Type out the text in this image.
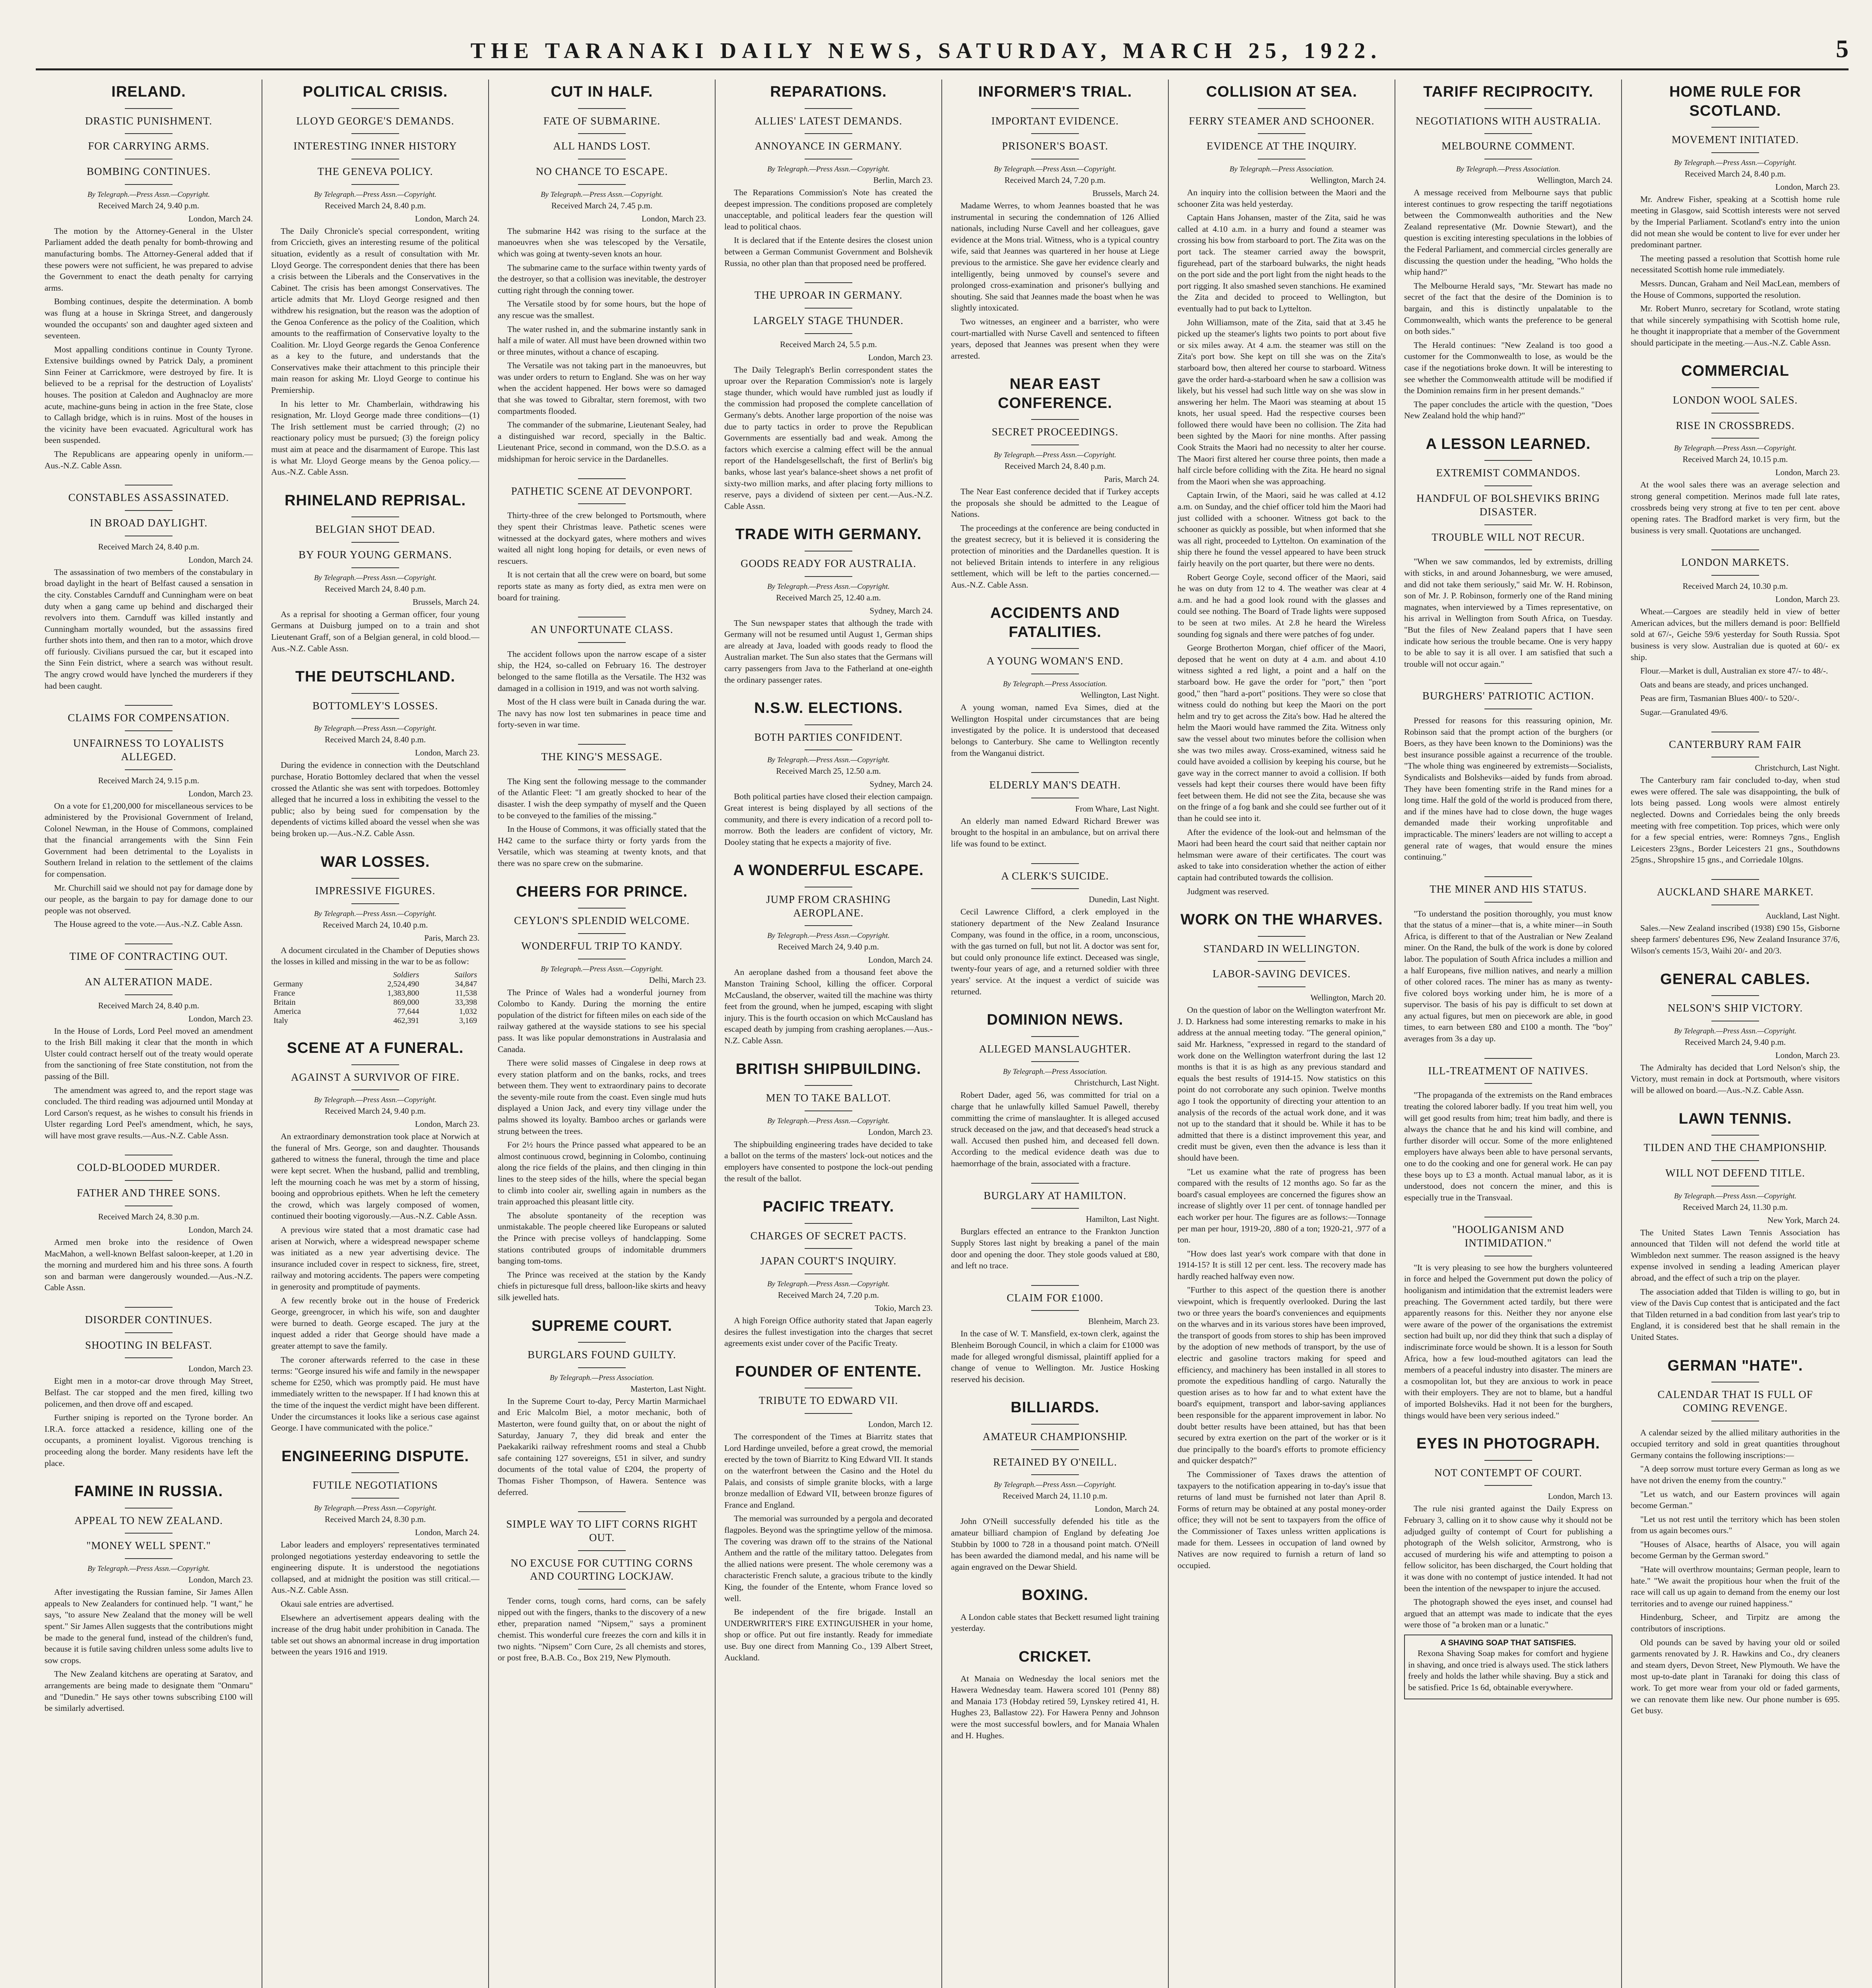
THE TARANAKI DAILY NEWS, SATURDAY, MARCH 25, 1922.	5
IRELAND.
DRASTIC PUNISHMENT.
FOR CARRYING ARMS.
BOMBING CONTINUES.
By Telegraph.—Press Assn.—Copyright.
Received March 24, 9.40 p.m.
London, March 24.

The motion by the Attorney-General in the Ulster Parliament added the death penalty for bomb-throwing and manufacturing bombs. The Attorney-General added that if these powers were not sufficient, he was prepared to advise the Government to enact the death penalty for carrying arms.

Bombing continues, despite the determination. A bomb was flung at a house in Skringa Street, and dangerously wounded the occupants' son and daughter aged sixteen and seventeen.

Most appalling conditions continue in County Tyrone. Extensive buildings owned by Patrick Daly, a prominent Sinn Feiner at Carrickmore, were destroyed by fire. It is believed to be a reprisal for the destruction of Loyalists' houses. The position at Caledon and Aughnacloy are more acute, machine-guns being in action in the free State, close to Callagh bridge, which is in ruins. Most of the houses in the vicinity have been evacuated. Agricultural work has been suspended.

The Republicans are appearing openly in uniform.—Aus.-N.Z. Cable Assn.

CONSTABLES ASSASSINATED.
IN BROAD DAYLIGHT.
Received March 24, 8.40 p.m.
London, March 24.

The assassination of two members of the constabulary in broad daylight in the heart of Belfast caused a sensation in the city. Constables Carnduff and Cunningham were on beat duty when a gang came up behind and discharged their revolvers into them. Carnduff was killed instantly and Cunningham mortally wounded, but the assassins fired further shots into them, and then ran to a motor, which drove off furiously. Civilians pursued the car, but it escaped into the Sinn Fein district, where a search was without result. The angry crowd would have lynched the murderers if they had been caught.

CLAIMS FOR COMPENSATION.
UNFAIRNESS TO LOYALISTS ALLEGED.
Received March 24, 9.15 p.m.
London, March 23.

On a vote for £1,200,000 for miscellaneous services to be administered by the Provisional Government of Ireland, Colonel Newman, in the House of Commons, complained that the financial arrangements with the Sinn Fein Government had been detrimental to the Loyalists in Southern Ireland in relation to the settlement of the claims for compensation.

Mr. Churchill said we should not pay for damage done by our people, as the bargain to pay for damage done to our people was not observed.

The House agreed to the vote.—Aus.-N.Z. Cable Assn.

TIME OF CONTRACTING OUT.
AN ALTERATION MADE.
Received March 24, 8.40 p.m.
London, March 23.

In the House of Lords, Lord Peel moved an amendment to the Irish Bill making it clear that the month in which Ulster could contract herself out of the treaty would operate from the sanctioning of free State constitution, not from the passing of the Bill.

The amendment was agreed to, and the report stage was concluded. The third reading was adjourned until Monday at Lord Carson's request, as he wishes to consult his friends in Ulster regarding Lord Peel's amendment, which, he says, will have most grave results.—Aus.-N.Z. Cable Assn.

COLD-BLOODED MURDER.
FATHER AND THREE SONS.
Received March 24, 8.30 p.m.
London, March 24.

Armed men broke into the residence of Owen MacMahon, a well-known Belfast saloon-keeper, at 1.20 in the morning and murdered him and his three sons. A fourth son and barman were dangerously wounded.—Aus.-N.Z. Cable Assn.

DISORDER CONTINUES.
SHOOTING IN BELFAST.
London, March 23.

Eight men in a motor-car drove through May Street, Belfast. The car stopped and the men fired, killing two policemen, and then drove off and escaped.

Further sniping is reported on the Tyrone border. An I.R.A. force attacked a residence, killing one of the occupants, a prominent loyalist. Vigorous trenching is proceeding along the border. Many residents have left the place.

FAMINE IN RUSSIA.
APPEAL TO NEW ZEALAND.
"MONEY WELL SPENT."
By Telegraph.—Press Assn.—Copyright.
London, March 23.

After investigating the Russian famine, Sir James Allen appeals to New Zealanders for continued help. "I want," he says, "to assure New Zealand that the money will be well spent." Sir James Allen suggests that the contributions might be made to the general fund, instead of the children's fund, because it is futile saving children unless some adults live to sow crops.

The New Zealand kitchens are operating at Saratov, and arrangements are being made to designate them "Onmaru" and "Dunedin." He says other towns subscribing £100 will be similarly advertised.

POLITICAL CRISIS.
LLOYD GEORGE'S DEMANDS.
INTERESTING INNER HISTORY
THE GENEVA POLICY.
By Telegraph.—Press Assn.—Copyright.
Received March 24, 8.40 p.m.
London, March 24.

The Daily Chronicle's special correspondent, writing from Criccieth, gives an interesting resume of the political situation, evidently as a result of consultation with Mr. Lloyd George. The correspondent denies that there has been a crisis between the Liberals and the Conservatives in the Cabinet. The crisis has been amongst Conservatives. The article admits that Mr. Lloyd George resigned and then withdrew his resignation, but the reason was the adoption of the Genoa Conference as the policy of the Coalition, which amounts to the reaffirmation of Conservative loyalty to the Coalition. Mr. Lloyd George regards the Genoa Conference as a key to the future, and understands that the Conservatives make their attachment to this principle their main reason for asking Mr. Lloyd George to continue his Premiership.

In his letter to Mr. Chamberlain, withdrawing his resignation, Mr. Lloyd George made three conditions—(1) The Irish settlement must be carried through; (2) no reactionary policy must be pursued; (3) the foreign policy must aim at peace and the disarmament of Europe. This last is what Mr. Lloyd George means by the Genoa policy.—Aus.-N.Z. Cable Assn.

RHINELAND REPRISAL.
BELGIAN SHOT DEAD.
BY FOUR YOUNG GERMANS.
By Telegraph.—Press Assn.—Copyright.
Received March 24, 8.40 p.m.
Brussels, March 24.

As a reprisal for shooting a German officer, four young Germans at Duisburg jumped on to a train and shot Lieutenant Graff, son of a Belgian general, in cold blood.—Aus.-N.Z. Cable Assn.

THE DEUTSCHLAND.
BOTTOMLEY'S LOSSES.
By Telegraph.—Press Assn.—Copyright.
Received March 24, 8.40 p.m.
London, March 23.

During the evidence in connection with the Deutschland purchase, Horatio Bottomley declared that when the vessel crossed the Atlantic she was sent with torpedoes. Bottomley alleged that he incurred a loss in exhibiting the vessel to the public; also by being sued for compensation by the dependents of victims killed aboard the vessel when she was being broken up.—Aus.-N.Z. Cable Assn.

WAR LOSSES.
IMPRESSIVE FIGURES.
By Telegraph.—Press Assn.—Copyright.
Received March 24, 10.40 p.m.
Paris, March 23.

A document circulated in the Chamber of Deputies shows the losses in killed and missing in the war to be as follow:

	Soldiers	Sailors
Germany	2,524,490	34,847
France	1,383,800	11,538
Britain	869,000	33,398
America	77,644	1,032
Italy	462,391	3,169
SCENE AT A FUNERAL.
AGAINST A SURVIVOR OF FIRE.
By Telegraph.—Press Assn.—Copyright.
Received March 24, 9.40 p.m.
London, March 23.

An extraordinary demonstration took place at Norwich at the funeral of Mrs. George, son and daughter. Thousands gathered to witness the funeral, through the time and place were kept secret. When the husband, pallid and trembling, left the mourning coach he was met by a storm of hissing, booing and opprobrious epithets. When he left the cemetery the crowd, which was largely composed of women, continued their booting vigorously.—Aus.-N.Z. Cable Assn.

A previous wire stated that a most dramatic case had arisen at Norwich, where a widespread newspaper scheme was initiated as a new year advertising device. The insurance included cover in respect to sickness, fire, street, railway and motoring accidents. The papers were competing in generosity and promptitude of payments.

A few recently broke out in the house of Frederick George, greengrocer, in which his wife, son and daughter were burned to death. George escaped. The jury at the inquest added a rider that George should have made a greater attempt to save the family.

The coroner afterwards referred to the case in these terms: "George insured his wife and family in the newspaper scheme for £250, which was promptly paid. He must have immediately written to the newspaper. If I had known this at the time of the inquest the verdict might have been different. Under the circumstances it looks like a serious case against George. I have communicated with the police."

ENGINEERING DISPUTE.
FUTILE NEGOTIATIONS
By Telegraph.—Press Assn.—Copyright.
Received March 24, 8.30 p.m.
London, March 24.

Labor leaders and employers' representatives terminated prolonged negotiations yesterday endeavoring to settle the engineering dispute. It is understood the negotiations collapsed, and at midnight the position was still critical.—Aus.-N.Z. Cable Assn.

Okaui sale entries are advertised.

Elsewhere an advertisement appears dealing with the increase of the drug habit under prohibition in Canada. The table set out shows an abnormal increase in drug importation between the years 1916 and 1919.

CUT IN HALF.
FATE OF SUBMARINE.
ALL HANDS LOST.
NO CHANCE TO ESCAPE.
By Telegraph.—Press Assn.—Copyright.
Received March 24, 7.45 p.m.
London, March 23.

The submarine H42 was rising to the surface at the manoeuvres when she was telescoped by the Versatile, which was going at twenty-seven knots an hour.

The submarine came to the surface within twenty yards of the destroyer, so that a collision was inevitable, the destroyer cutting right through the conning tower.

The Versatile stood by for some hours, but the hope of any rescue was the smallest.

The water rushed in, and the submarine instantly sank in half a mile of water. All must have been drowned within two or three minutes, without a chance of escaping.

The Versatile was not taking part in the manoeuvres, but was under orders to return to England. She was on her way when the accident happened. Her bows were so damaged that she was towed to Gibraltar, stern foremost, with two compartments flooded.

The commander of the submarine, Lieutenant Sealey, had a distinguished war record, specially in the Baltic. Lieutenant Price, second in command, won the D.S.O. as a midshipman for heroic service in the Dardanelles.

PATHETIC SCENE AT DEVONPORT.

Thirty-three of the crew belonged to Portsmouth, where they spent their Christmas leave. Pathetic scenes were witnessed at the dockyard gates, where mothers and wives waited all night long hoping for details, or even news of rescuers.

It is not certain that all the crew were on board, but some reports state as many as forty died, as extra men were on board for training.

AN UNFORTUNATE CLASS.

The accident follows upon the narrow escape of a sister ship, the H24, so-called on February 16. The destroyer belonged to the same flotilla as the Versatile. The H32 was damaged in a collision in 1919, and was not worth salving.

Most of the H class were built in Canada during the war. The navy has now lost ten submarines in peace time and forty-seven in war time.

THE KING'S MESSAGE.

The King sent the following message to the commander of the Atlantic Fleet: "I am greatly shocked to hear of the disaster. I wish the deep sympathy of myself and the Queen to be conveyed to the families of the missing."

In the House of Commons, it was officially stated that the H42 came to the surface thirty or forty yards from the Versatile, which was steaming at twenty knots, and that there was no spare crew on the submarine.

CHEERS FOR PRINCE.
CEYLON'S SPLENDID WELCOME.
WONDERFUL TRIP TO KANDY.
By Telegraph.—Press Assn.—Copyright.
Delhi, March 23.

The Prince of Wales had a wonderful journey from Colombo to Kandy. During the morning the entire population of the district for fifteen miles on each side of the railway gathered at the wayside stations to see his special pass. It was like popular demonstrations in Australasia and Canada.

There were solid masses of Cingalese in deep rows at every station platform and on the banks, rocks, and trees between them. They went to extraordinary pains to decorate the seventy-mile route from the coast. Even single mud huts displayed a Union Jack, and every tiny village under the palms showed its loyalty. Bamboo arches or garlands were strung between the trees.

For 2½ hours the Prince passed what appeared to be an almost continuous crowd, beginning in Colombo, continuing along the rice fields of the plains, and then clinging in thin lines to the steep sides of the hills, where the special began to climb into cooler air, swelling again in numbers as the train approached this pleasant little city.

The absolute spontaneity of the reception was unmistakable. The people cheered like Europeans or saluted the Prince with precise volleys of handclapping. Some stations contributed groups of indomitable drummers banging tom-toms.

The Prince was received at the station by the Kandy chiefs in picturesque full dress, balloon-like skirts and heavy silk jewelled hats.

SUPREME COURT.
BURGLARS FOUND GUILTY.
By Telegraph.—Press Association.
Masterton, Last Night.

In the Supreme Court to-day, Percy Martin Marmichael and Eric Malcolm Biel, a motor mechanic, both of Masterton, were found guilty that, on or about the night of Saturday, January 7, they did break and enter the Paekakariki railway refreshment rooms and steal a Chubb safe containing 127 sovereigns, £51 in silver, and sundry documents of the total value of £204, the property of Thomas Fisher Thompson, of Hawera. Sentence was deferred.

SIMPLE WAY TO LIFT CORNS RIGHT OUT.
NO EXCUSE FOR CUTTING CORNS AND COURTING LOCKJAW.

Tender corns, tough corns, hard corns, can be safely nipped out with the fingers, thanks to the discovery of a new ether, preparation named "Nipsem," says a prominent chemist. This wonderful cure freezes the corn and kills it in two nights. "Nipsem" Corn Cure, 2s all chemists and stores, or post free, B.A.B. Co., Box 219, New Plymouth.

REPARATIONS.
ALLIES' LATEST DEMANDS.
ANNOYANCE IN GERMANY.
By Telegraph.—Press Assn.—Copyright.
Berlin, March 23.

The Reparations Commission's Note has created the deepest impression. The conditions proposed are completely unacceptable, and political leaders fear the question will lead to political chaos.

It is declared that if the Entente desires the closest union between a German Communist Government and Bolshevik Russia, no other plan than that proposed need be proffered.

THE UPROAR IN GERMANY.
LARGELY STAGE THUNDER.
Received March 24, 5.5 p.m.
London, March 23.

The Daily Telegraph's Berlin correspondent states the uproar over the Reparation Commission's note is largely stage thunder, which would have rumbled just as loudly if the commission had proposed the complete cancellation of Germany's debts. Another large proportion of the noise was due to party tactics in order to prove the Republican Governments are essentially bad and weak. Among the factors which exercise a calming effect will be the annual report of the Handelsgesellschaft, the first of Berlin's big banks, whose last year's balance-sheet shows a net profit of sixty-two million marks, and after placing forty millions to reserve, pays a dividend of sixteen per cent.—Aus.-N.Z. Cable Assn.

TRADE WITH GERMANY.
GOODS READY FOR AUSTRALIA.
By Telegraph.—Press Assn.—Copyright.
Received March 25, 12.40 a.m.
Sydney, March 24.

The Sun newspaper states that although the trade with Germany will not be resumed until August 1, German ships are already at Java, loaded with goods ready to flood the Australian market. The Sun also states that the Germans will carry passengers from Java to the Fatherland at one-eighth the ordinary passenger rates.

N.S.W. ELECTIONS.
BOTH PARTIES CONFIDENT.
By Telegraph.—Press Assn.—Copyright.
Received March 25, 12.50 a.m.
Sydney, March 24.

Both political parties have closed their election campaign. Great interest is being displayed by all sections of the community, and there is every indication of a record poll to-morrow. Both the leaders are confident of victory, Mr. Dooley stating that he expects a majority of five.

A WONDERFUL ESCAPE.
JUMP FROM CRASHING AEROPLANE.
By Telegraph.—Press Assn.—Copyright.
Received March 24, 9.40 p.m.
London, March 24.

An aeroplane dashed from a thousand feet above the Manston Training School, killing the officer. Corporal McCausland, the observer, waited till the machine was thirty feet from the ground, when he jumped, escaping with slight injury. This is the fourth occasion on which McCausland has escaped death by jumping from crashing aeroplanes.—Aus.-N.Z. Cable Assn.

BRITISH SHIPBUILDING.
MEN TO TAKE BALLOT.
By Telegraph.—Press Assn.—Copyright.
London, March 23.

The shipbuilding engineering trades have decided to take a ballot on the terms of the masters' lock-out notices and the employers have consented to postpone the lock-out pending the result of the ballot.

PACIFIC TREATY.
CHARGES OF SECRET PACTS.
JAPAN COURT'S INQUIRY.
By Telegraph.—Press Assn.—Copyright.
Received March 24, 7.20 p.m.
Tokio, March 23.

A high Foreign Office authority stated that Japan eagerly desires the fullest investigation into the charges that secret agreements exist under cover of the Pacific Treaty.

FOUNDER OF ENTENTE.
TRIBUTE TO EDWARD VII.
London, March 12.

The correspondent of the Times at Biarritz states that Lord Hardinge unveiled, before a great crowd, the memorial erected by the town of Biarritz to King Edward VII. It stands on the waterfront between the Casino and the Hotel du Palais, and consists of simple granite blocks, with a large bronze medallion of Edward VII, between bronze figures of France and England.

The memorial was surrounded by a pergola and decorated flagpoles. Beyond was the springtime yellow of the mimosa. The covering was drawn off to the strains of the National Anthem and the rattle of the military tattoo. Delegates from the allied nations were present. The whole ceremony was a characteristic French salute, a gracious tribute to the kindly King, the founder of the Entente, whom France loved so well.

Be independent of the fire brigade. Install an UNDERWRITER'S FIRE EXTINGUISHER in your home, shop or office. Put out fire instantly. Ready for immediate use. Buy one direct from Manning Co., 139 Albert Street, Auckland.

INFORMER'S TRIAL.
IMPORTANT EVIDENCE.
PRISONER'S BOAST.
By Telegraph.—Press Assn.—Copyright.
Received March 24, 7.20 p.m.
Brussels, March 24.

Madame Werres, to whom Jeannes boasted that he was instrumental in securing the condemnation of 126 Allied nationals, including Nurse Cavell and her colleagues, gave evidence at the Mons trial. Witness, who is a typical country wife, said that Jeannes was quartered in her house at Liege previous to the armistice. She gave her evidence clearly and intelligently, being unmoved by counsel's severe and prolonged cross-examination and prisoner's bullying and shouting. She said that Jeannes made the boast when he was slightly intoxicated.

Two witnesses, an engineer and a barrister, who were court-martialled with Nurse Cavell and sentenced to fifteen years, deposed that Jeannes was present when they were arrested.

NEAR EAST CONFERENCE.
SECRET PROCEEDINGS.
By Telegraph.—Press Assn.—Copyright.
Received March 24, 8.40 p.m.
Paris, March 24.

The Near East conference decided that if Turkey accepts the proposals she should be admitted to the League of Nations.

The proceedings at the conference are being conducted in the greatest secrecy, but it is believed it is considering the protection of minorities and the Dardanelles question. It is not believed Britain intends to interfere in any religious settlement, which will be left to the parties concerned.—Aus.-N.Z. Cable Assn.

ACCIDENTS AND FATALITIES.
A YOUNG WOMAN'S END.
By Telegraph.—Press Association.
Wellington, Last Night.

A young woman, named Eva Simes, died at the Wellington Hospital under circumstances that are being investigated by the police. It is understood that deceased belongs to Canterbury. She came to Wellington recently from the Wanganui district.

ELDERLY MAN'S DEATH.
From Whare, Last Night.

An elderly man named Edward Richard Brewer was brought to the hospital in an ambulance, but on arrival there life was found to be extinct.

A CLERK'S SUICIDE.
Dunedin, Last Night.

Cecil Lawrence Clifford, a clerk employed in the stationery department of the New Zealand Insurance Company, was found in the office, in a room, unconscious, with the gas turned on full, but not lit. A doctor was sent for, but could only pronounce life extinct. Deceased was single, twenty-four years of age, and a returned soldier with three years' service. At the inquest a verdict of suicide was returned.

DOMINION NEWS.
ALLEGED MANSLAUGHTER.
By Telegraph.—Press Association.
Christchurch, Last Night.

Robert Dader, aged 56, was committed for trial on a charge that he unlawfully killed Samuel Pawell, thereby committing the crime of manslaughter. It is alleged accused struck deceased on the jaw, and that deceased's head struck a wall. Accused then pushed him, and deceased fell down. According to the medical evidence death was due to haemorrhage of the brain, associated with a fracture.

BURGLARY AT HAMILTON.
Hamilton, Last Night.

Burglars effected an entrance to the Frankton Junction Supply Stores last night by breaking a panel of the main door and opening the door. They stole goods valued at £80, and left no trace.

CLAIM FOR £1000.
Blenheim, March 23.

In the case of W. T. Mansfield, ex-town clerk, against the Blenheim Borough Council, in which a claim for £1000 was made for alleged wrongful dismissal, plaintiff applied for a change of venue to Wellington. Mr. Justice Hosking reserved his decision.

BILLIARDS.
AMATEUR CHAMPIONSHIP.
RETAINED BY O'NEILL.
By Telegraph.—Press Assn.—Copyright.
Received March 24, 11.10 p.m.
London, March 24.

John O'Neill successfully defended his title as the amateur billiard champion of England by defeating Joe Stubbin by 1000 to 728 in a thousand point match. O'Neill has been awarded the diamond medal, and his name will be again engraved on the Dewar Shield.

BOXING.

A London cable states that Beckett resumed light training yesterday.

CRICKET.

At Manaia on Wednesday the local seniors met the Hawera Wednesday team. Hawera scored 101 (Penny 88) and Manaia 173 (Hobday retired 59, Lynskey retired 41, H. Hughes 23, Ballastow 22). For Hawera Penny and Johnson were the most successful bowlers, and for Manaia Whalen and H. Hughes.

COLLISION AT SEA.
FERRY STEAMER AND SCHOONER.
EVIDENCE AT THE INQUIRY.
By Telegraph.—Press Association.
Wellington, March 24.

An inquiry into the collision between the Maori and the schooner Zita was held yesterday.

Captain Hans Johansen, master of the Zita, said he was called at 4.10 a.m. in a hurry and found a steamer was crossing his bow from starboard to port. The Zita was on the port tack. The steamer carried away the bowsprit, figurehead, part of the starboard bulwarks, the night heads on the port side and the port light from the night heads to the port rigging. It also smashed seven stanchions. He examined the Zita and decided to proceed to Wellington, but eventually had to put back to Lyttelton.

John Williamson, mate of the Zita, said that at 3.45 he picked up the steamer's lights two points to port about five or six miles away. At 4 a.m. the steamer was still on the Zita's port bow. She kept on till she was on the Zita's starboard bow, then altered her course to starboard. Witness gave the order hard-a-starboard when he saw a collision was likely, but his vessel had such little way on she was slow in answering her helm. The Maori was steaming at about 15 knots, her usual speed. Had the respective courses been followed there would have been no collision. The Zita had been sighted by the Maori for nine months. After passing Cook Straits the Maori had no necessity to alter her course. The Maori first altered her course three points, then made a half circle before colliding with the Zita. He heard no signal from the Maori when she was approaching.

Captain Irwin, of the Maori, said he was called at 4.12 a.m. on Sunday, and the chief officer told him the Maori had just collided with a schooner. Witness got back to the schooner as quickly as possible, but when informed that she was all right, proceeded to Lyttelton. On examination of the ship there he found the vessel appeared to have been struck fairly heavily on the port quarter, but there were no dents.

Robert George Coyle, second officer of the Maori, said he was on duty from 12 to 4. The weather was clear at 4 a.m. and he had a good look round with the glasses and could see nothing. The Board of Trade lights were supposed to be seen at two miles. At 2.8 he heard the Wireless sounding fog signals and there were patches of fog under.

George Brotherton Morgan, chief officer of the Maori, deposed that he went on duty at 4 a.m. and about 4.10 witness sighted a red light, a point and a half on the starboard bow. He gave the order for "port," then "port good," then "hard a-port" positions. They were so close that witness could do nothing but keep the Maori on the port helm and try to get across the Zita's bow. Had he altered the helm the Maori would have rammed the Zita. Witness only saw the vessel about two minutes before the collision when she was two miles away. Cross-examined, witness said he could have avoided a collision by keeping his course, but he gave way in the correct manner to avoid a collision. If both vessels had kept their courses there would have been fifty feet between them. He did not see the Zita, because she was on the fringe of a fog bank and she could see further out of it than he could see into it.

After the evidence of the look-out and helmsman of the Maori had been heard the court said that neither captain nor helmsman were aware of their certificates. The court was asked to take into consideration whether the action of either captain had contributed towards the collision.

Judgment was reserved.

WORK ON THE WHARVES.
STANDARD IN WELLINGTON.
LABOR-SAVING DEVICES.
Wellington, March 20.

On the question of labor on the Wellington waterfront Mr. J. D. Harkness had some interesting remarks to make in his address at the annual meeting today. "The general opinion," said Mr. Harkness, "expressed in regard to the standard of work done on the Wellington waterfront during the last 12 months is that it is as high as any previous standard and equals the best results of 1914-15. Now statistics on this point do not corroborate any such opinion. Twelve months ago I took the opportunity of directing your attention to an analysis of the records of the actual work done, and it was not up to the standard that it should be. While it has to be admitted that there is a distinct improvement this year, and credit must be given, even then the advance is less than it should have been.

"Let us examine what the rate of progress has been compared with the results of 12 months ago. So far as the board's casual employees are concerned the figures show an increase of slightly over 11 per cent. of tonnage handled per each worker per hour. The figures are as follows:—Tonnage per man per hour, 1919-20, .880 of a ton; 1920-21, .977 of a ton.

"How does last year's work compare with that done in 1914-15? It is still 12 per cent. less. The recovery made has hardly reached halfway even now.

"Further to this aspect of the question there is another viewpoint, which is frequently overlooked. During the last two or three years the board's conveniences and equipments on the wharves and in its various stores have been improved, the transport of goods from stores to ship has been improved by the adoption of new methods of transport, by the use of electric and gasoline tractors making for speed and efficiency, and machinery has been installed in all stores to promote the expeditious handling of cargo. Naturally the question arises as to how far and to what extent have the board's equipment, transport and labor-saving appliances been responsible for the apparent improvement in labor. No doubt better results have been attained, but has that been secured by extra exertion on the part of the worker or is it due principally to the board's efforts to promote efficiency and quicker despatch?"

The Commissioner of Taxes draws the attention of taxpayers to the notification appearing in to-day's issue that returns of land must be furnished not later than April 8. Forms of return may be obtained at any postal money-order office; they will not be sent to taxpayers from the office of the Commissioner of Taxes unless written applications is made for them. Lessees in occupation of land owned by Natives are now required to furnish a return of land so occupied.

TARIFF RECIPROCITY.
NEGOTIATIONS WITH AUSTRALIA.
MELBOURNE COMMENT.
By Telegraph.—Press Association.
Wellington, March 24.

A message received from Melbourne says that public interest continues to grow respecting the tariff negotiations between the Commonwealth authorities and the New Zealand representative (Mr. Downie Stewart), and the question is exciting interesting speculations in the lobbies of the Federal Parliament, and commercial circles generally are discussing the question under the heading, "Who holds the whip hand?"

The Melbourne Herald says, "Mr. Stewart has made no secret of the fact that the desire of the Dominion is to bargain, and this is distinctly unpalatable to the Commonwealth, which wants the preference to be general on both sides."

The Herald continues: "New Zealand is too good a customer for the Commonwealth to lose, as would be the case if the negotiations broke down. It will be interesting to see whether the Commonwealth attitude will be modified if the Dominion remains firm in her present demands."

The paper concludes the article with the question, "Does New Zealand hold the whip hand?"

A LESSON LEARNED.
EXTREMIST COMMANDOS.
HANDFUL OF BOLSHEVIKS BRING DISASTER.
TROUBLE WILL NOT RECUR.

"When we saw commandos, led by extremists, drilling with sticks, in and around Johannesburg, we were amused, and did not take them seriously," said Mr. W. H. Robinson, son of Mr. J. P. Robinson, formerly one of the Rand mining magnates, when interviewed by a Times representative, on his arrival in Wellington from South Africa, on Tuesday. "But the files of New Zealand papers that I have seen indicate how serious the trouble became. One is very happy to be able to say it is all over. I am satisfied that such a trouble will not occur again."

BURGHERS' PATRIOTIC ACTION.

Pressed for reasons for this reassuring opinion, Mr. Robinson said that the prompt action of the burghers (or Boers, as they have been known to the Dominions) was the best insurance possible against a recurrence of the trouble. "The whole thing was engineered by extremists—Socialists, Syndicalists and Bolsheviks—aided by funds from abroad. They have been fomenting strife in the Rand mines for a long time. Half the gold of the world is produced from there, and if the mines have had to close down, the huge wages demanded made their working unprofitable and impracticable. The miners' leaders are not willing to accept a general rate of wages, that would ensure the mines continuing."

THE MINER AND HIS STATUS.

"To understand the position thoroughly, you must know that the status of a miner—that is, a white miner—in South Africa, is different to that of the Australian or New Zealand miner. On the Rand, the bulk of the work is done by colored labor. The population of South Africa includes a million and a half Europeans, five million natives, and nearly a million of other colored races. The miner has as many as twenty-five colored boys working under him, he is more of a supervisor. The basis of his pay is difficult to set down at any actual figures, but men on piecework are able, in good times, to earn between £80 and £100 a month. The "boy" averages from 3s a day up.

ILL-TREATMENT OF NATIVES.

"The propaganda of the extremists on the Rand embraces treating the colored laborer badly. If you treat him well, you will get good results from him; treat him badly, and there is always the chance that he and his kind will combine, and further disorder will occur. Some of the more enlightened employers have always been able to have personal servants, one to do the cooking and one for general work. He can pay these boys up to £3 a month. Actual manual labor, as it is understood, does not concern the miner, and this is especially true in the Transvaal.

"HOOLIGANISM AND INTIMIDATION."

"It is very pleasing to see how the burghers volunteered in force and helped the Government put down the policy of hooliganism and intimidation that the extremist leaders were preaching. The Government acted tardily, but there were apparently reasons for this. Neither they nor anyone else were aware of the power of the organisations the extremist section had built up, nor did they think that such a display of indiscriminate force would be shown. It is a lesson for South Africa, how a few loud-mouthed agitators can lead the members of a peaceful industry into disaster. The miners are a cosmopolitan lot, but they are anxious to work in peace with their employers. They are not to blame, but a handful of imported Bolsheviks. Had it not been for the burghers, things would have been very serious indeed."

EYES IN PHOTOGRAPH.
NOT CONTEMPT OF COURT.
London, March 13.

The rule nisi granted against the Daily Express on February 3, calling on it to show cause why it should not be adjudged guilty of contempt of Court for publishing a photograph of the Welsh solicitor, Armstrong, who is accused of murdering his wife and attempting to poison a fellow solicitor, has been discharged, the Court holding that it was done with no contempt of justice intended. It had not been the intention of the newspaper to injure the accused.

The photograph showed the eyes inset, and counsel had argued that an attempt was made to indicate that the eyes were those of "a broken man or a lunatic."

A SHAVING SOAP THAT SATISFIES.

Rexona Shaving Soap makes for comfort and hygiene in shaving, and once tried is always used. The stick lathers freely and holds the lather while shaving. Buy a stick and be satisfied. Price 1s 6d, obtainable everywhere.

HOME RULE FOR SCOTLAND.
MOVEMENT INITIATED.
By Telegraph.—Press Assn.—Copyright.
Received March 24, 8.40 p.m.
London, March 23.

Mr. Andrew Fisher, speaking at a Scottish home rule meeting in Glasgow, said Scottish interests were not served by the Imperial Parliament. Scotland's entry into the union did not mean she would be content to live for ever under her predominant partner.

The meeting passed a resolution that Scottish home rule necessitated Scottish home rule immediately.

Messrs. Duncan, Graham and Neil MacLean, members of the House of Commons, supported the resolution.

Mr. Robert Munro, secretary for Scotland, wrote stating that while sincerely sympathising with Scottish home rule, he thought it inappropriate that a member of the Government should participate in the meeting.—Aus.-N.Z. Cable Assn.

COMMERCIAL
LONDON WOOL SALES.
RISE IN CROSSBREDS.
By Telegraph.—Press Assn.—Copyright.
Received March 24, 10.15 p.m.
London, March 23.

At the wool sales there was an average selection and strong general competition. Merinos made full late rates, crossbreds being very strong at five to ten per cent. above opening rates. The Bradford market is very firm, but the business is very small. Quotations are unchanged.

LONDON MARKETS.
Received March 24, 10.30 p.m.
London, March 23.

Wheat.—Cargoes are steadily held in view of better American advices, but the millers demand is poor: Bellfield sold at 67/-, Geiche 59/6 yesterday for South Russia. Spot business is very slow. Australian due is quoted at 60/- ex ship.

Flour.—Market is dull, Australian ex store 47/- to 48/-.

Oats and beans are steady, and prices unchanged.

Peas are firm, Tasmanian Blues 400/- to 520/-.

Sugar.—Granulated 49/6.

CANTERBURY RAM FAIR
Christchurch, Last Night.

The Canterbury ram fair concluded to-day, when stud ewes were offered. The sale was disappointing, the bulk of lots being passed. Long wools were almost entirely neglected. Downs and Corriedales being the only breeds meeting with free competition. Top prices, which were only for a few special entries, were: Romneys 7gns., English Leicesters 23gns., Border Leicesters 21 gns., Southdowns 25gns., Shropshire 15 gns., and Corriedale 10lgns.

AUCKLAND SHARE MARKET.
Auckland, Last Night.

Sales.—New Zealand inscribed (1938) £90 15s, Gisborne sheep farmers' debentures £96, New Zealand Insurance 37/6, Wilson's cements 15/3, Waihi 20/- and 20/3.

GENERAL CABLES.
NELSON'S SHIP VICTORY.
By Telegraph.—Press Assn.—Copyright.
Received March 24, 9.40 p.m.
London, March 23.

The Admiralty has decided that Lord Nelson's ship, the Victory, must remain in dock at Portsmouth, where visitors will be allowed on board.—Aus.-N.Z. Cable Assn.

LAWN TENNIS.
TILDEN AND THE CHAMPIONSHIP.
WILL NOT DEFEND TITLE.
By Telegraph.—Press Assn.—Copyright.
Received March 24, 11.30 p.m.
New York, March 24.

The United States Lawn Tennis Association has announced that Tilden will not defend the world title at Wimbledon next summer. The reason assigned is the heavy expense involved in sending a leading American player abroad, and the effect of such a trip on the player.

The association added that Tilden is willing to go, but in view of the Davis Cup contest that is anticipated and the fact that Tilden returned in a bad condition from last year's trip to England, it is considered best that he shall remain in the United States.

GERMAN "HATE".
CALENDAR THAT IS FULL OF COMING REVENGE.

A calendar seized by the allied military authorities in the occupied territory and sold in great quantities throughout Germany contains the following inscriptions:—

"A deep sorrow must torture every German as long as we have not driven the enemy from the country."

"Let us watch, and our Eastern provinces will again become German."

"Let us not rest until the territory which has been stolen from us again becomes ours."

"Houses of Alsace, hearths of Alsace, you will again become German by the German sword."

"Hate will overthrow mountains; German people, learn to hate." "We await the propitious hour when the fruit of the race will call us up again to demand from the enemy our lost territories and to avenge our ruined happiness."

Hindenburg, Scheer, and Tirpitz are among the contributors of inscriptions.

Old pounds can be saved by having your old or soiled garments renovated by J. R. Hawkins and Co., dry cleaners and steam dyers, Devon Street, New Plymouth. We have the most up-to-date plant in Taranaki for doing this class of work. To get more wear from your old or faded garments, we can renovate them like new. Our phone number is 695. Get busy.
